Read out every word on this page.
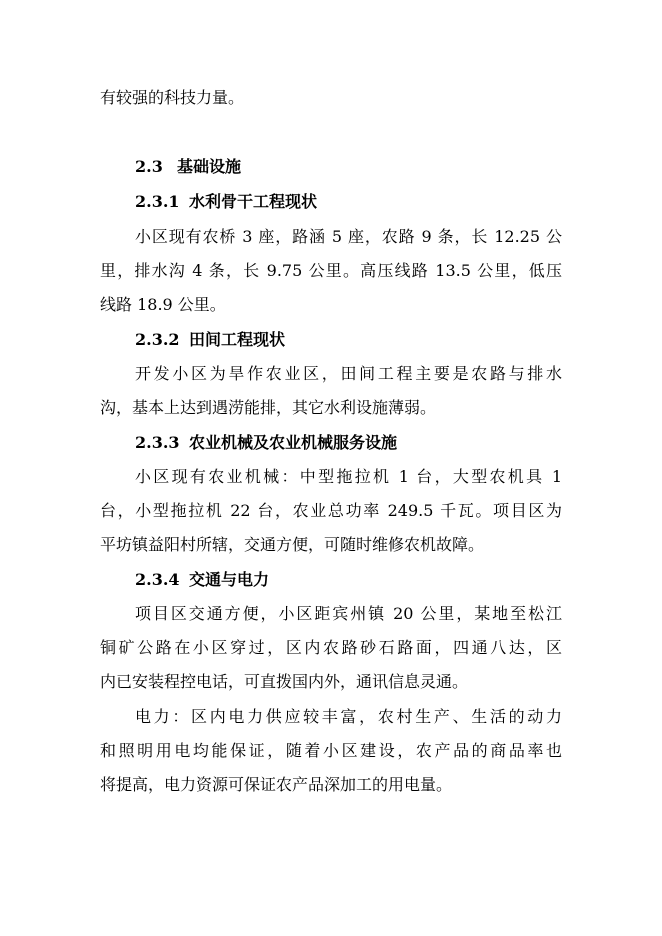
有较强的科技力量。
2.3 基础设施
2.3.1 水利骨干工程现状
小区现有农桥 3 座，路涵 5 座，农路 9 条，长 12.25 公
里，排水沟 4 条，长 9.75 公里。高压线路 13.5 公里，低压
线路 18.9 公里。
2.3.2 田间工程现状
开发小区为旱作农业区，田间工程主要是农路与排水
沟，基本上达到遇涝能排，其它水利设施薄弱。
2.3.3 农业机械及农业机械服务设施
小区现有农业机械：中型拖拉机 1 台，大型农机具 1
台，小型拖拉机 22 台，农业总功率 249.5 千瓦。项目区为
平坊镇益阳村所辖，交通方便，可随时维修农机故障。
2.3.4 交通与电力
项目区交通方便，小区距宾州镇 20 公里，某地至松江
铜矿公路在小区穿过，区内农路砂石路面，四通八达，区
内已安装程控电话，可直拨国内外，通讯信息灵通。
电力：区内电力供应较丰富，农村生产、生活的动力
和照明用电均能保证，随着小区建设，农产品的商品率也
将提高，电力资源可保证农产品深加工的用电量。
